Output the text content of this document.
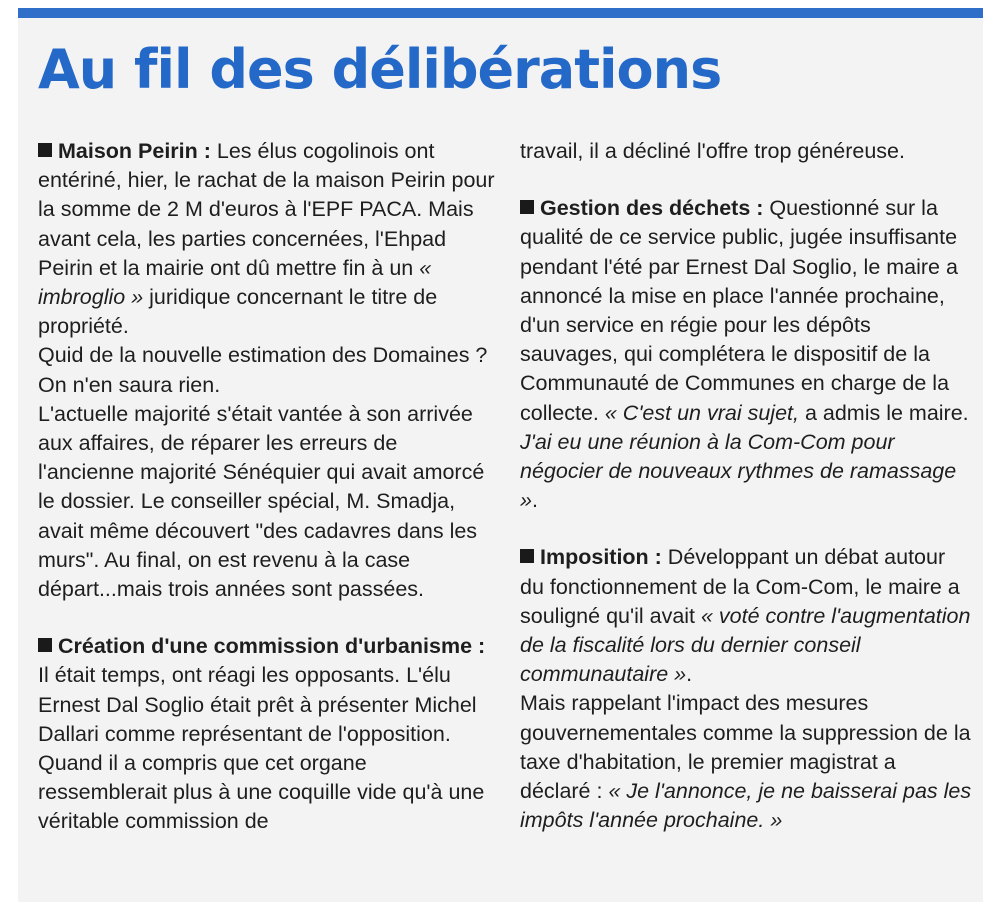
Au fil des délibérations

Maison Peirin : Les élus cogolinois ont entériné, hier, le rachat de la maison Peirin pour la somme de 2 M d'euros à l'EPF PACA. Mais avant cela, les parties concernées, l'Ehpad Peirin et la mairie ont dû mettre fin à un « imbroglio » juridique concernant le titre de propriété.

Quid de la nouvelle estimation des Domaines ? On n'en saura rien.

L'actuelle majorité s'était vantée à son arrivée aux affaires, de réparer les erreurs de l'ancienne majorité Sénéquier qui avait amorcé le dossier. Le conseiller spécial, M. Smadja, avait même découvert "des cadavres dans les murs". Au final, on est revenu à la case départ...mais trois années sont passées.

Création d'une commission d'urbanisme :
Il était temps, ont réagi les opposants. L'élu Ernest Dal Soglio était prêt à présenter Michel Dallari comme représentant de l'opposition. Quand il a compris que cet organe ressemblerait plus à une coquille vide qu'à une véritable commission de

travail, il a décliné l'offre trop généreuse.

Gestion des déchets : Questionné sur la qualité de ce service public, jugée insuffisante pendant l'été par Ernest Dal Soglio, le maire a annoncé la mise en place l'année prochaine, d'un service en régie pour les dépôts sauvages, qui complétera le dispositif de la Communauté de Communes en charge de la collecte. « C'est un vrai sujet, a admis le maire. J'ai eu une réunion à la Com-Com pour négocier de nouveaux rythmes de ramassage ».

Imposition : Développant un débat autour du fonctionnement de la Com-Com, le maire a souligné qu'il avait « voté contre l'augmentation de la fiscalité lors du dernier conseil communautaire ».

Mais rappelant l'impact des mesures gouvernementales comme la suppression de la taxe d'habitation, le premier magistrat a déclaré : « Je l'annonce, je ne baisserai pas les impôts l'année prochaine. »
